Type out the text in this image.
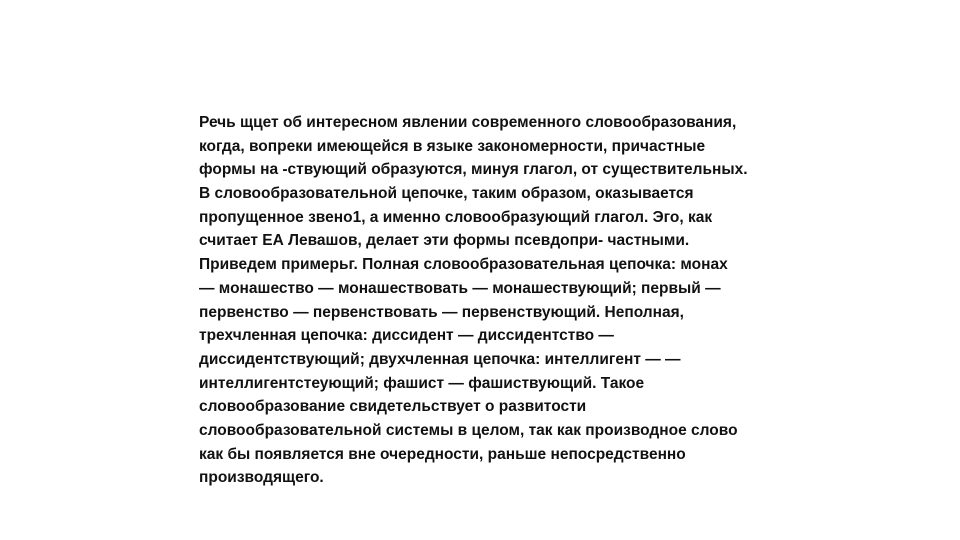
Речь щцет об интересном явлении современного словообразования,
когда, вопреки имеющейся в языке закономерности, причастные
формы на -ствующий образуются, минуя глагол, от существительных.
В словообразовательной цепочке, таким образом, оказывается
пропущенное звено1, а именно словообразующий глагол. Эго, как
считает ЕА Левашов, делает эти формы псевдопри- частными.
Приведем примерьг. Полная словообразовательная цепочка: монах
— монашество — монашествовать — монашествующий; первый —
первенство — первенствовать — первенствующий. Неполная,
трехчленная цепочка: диссидент — диссидентство —
диссидентствующий; двухчленная цепочка: интеллигент — —
интеллигентстеующий; фашист — фашиствующий. Такое
словообразование свидетельствует о развитости
словообразовательной системы в целом, так как производное слово
как бы появляется вне очередности, раньше непосредственно
производящего.
